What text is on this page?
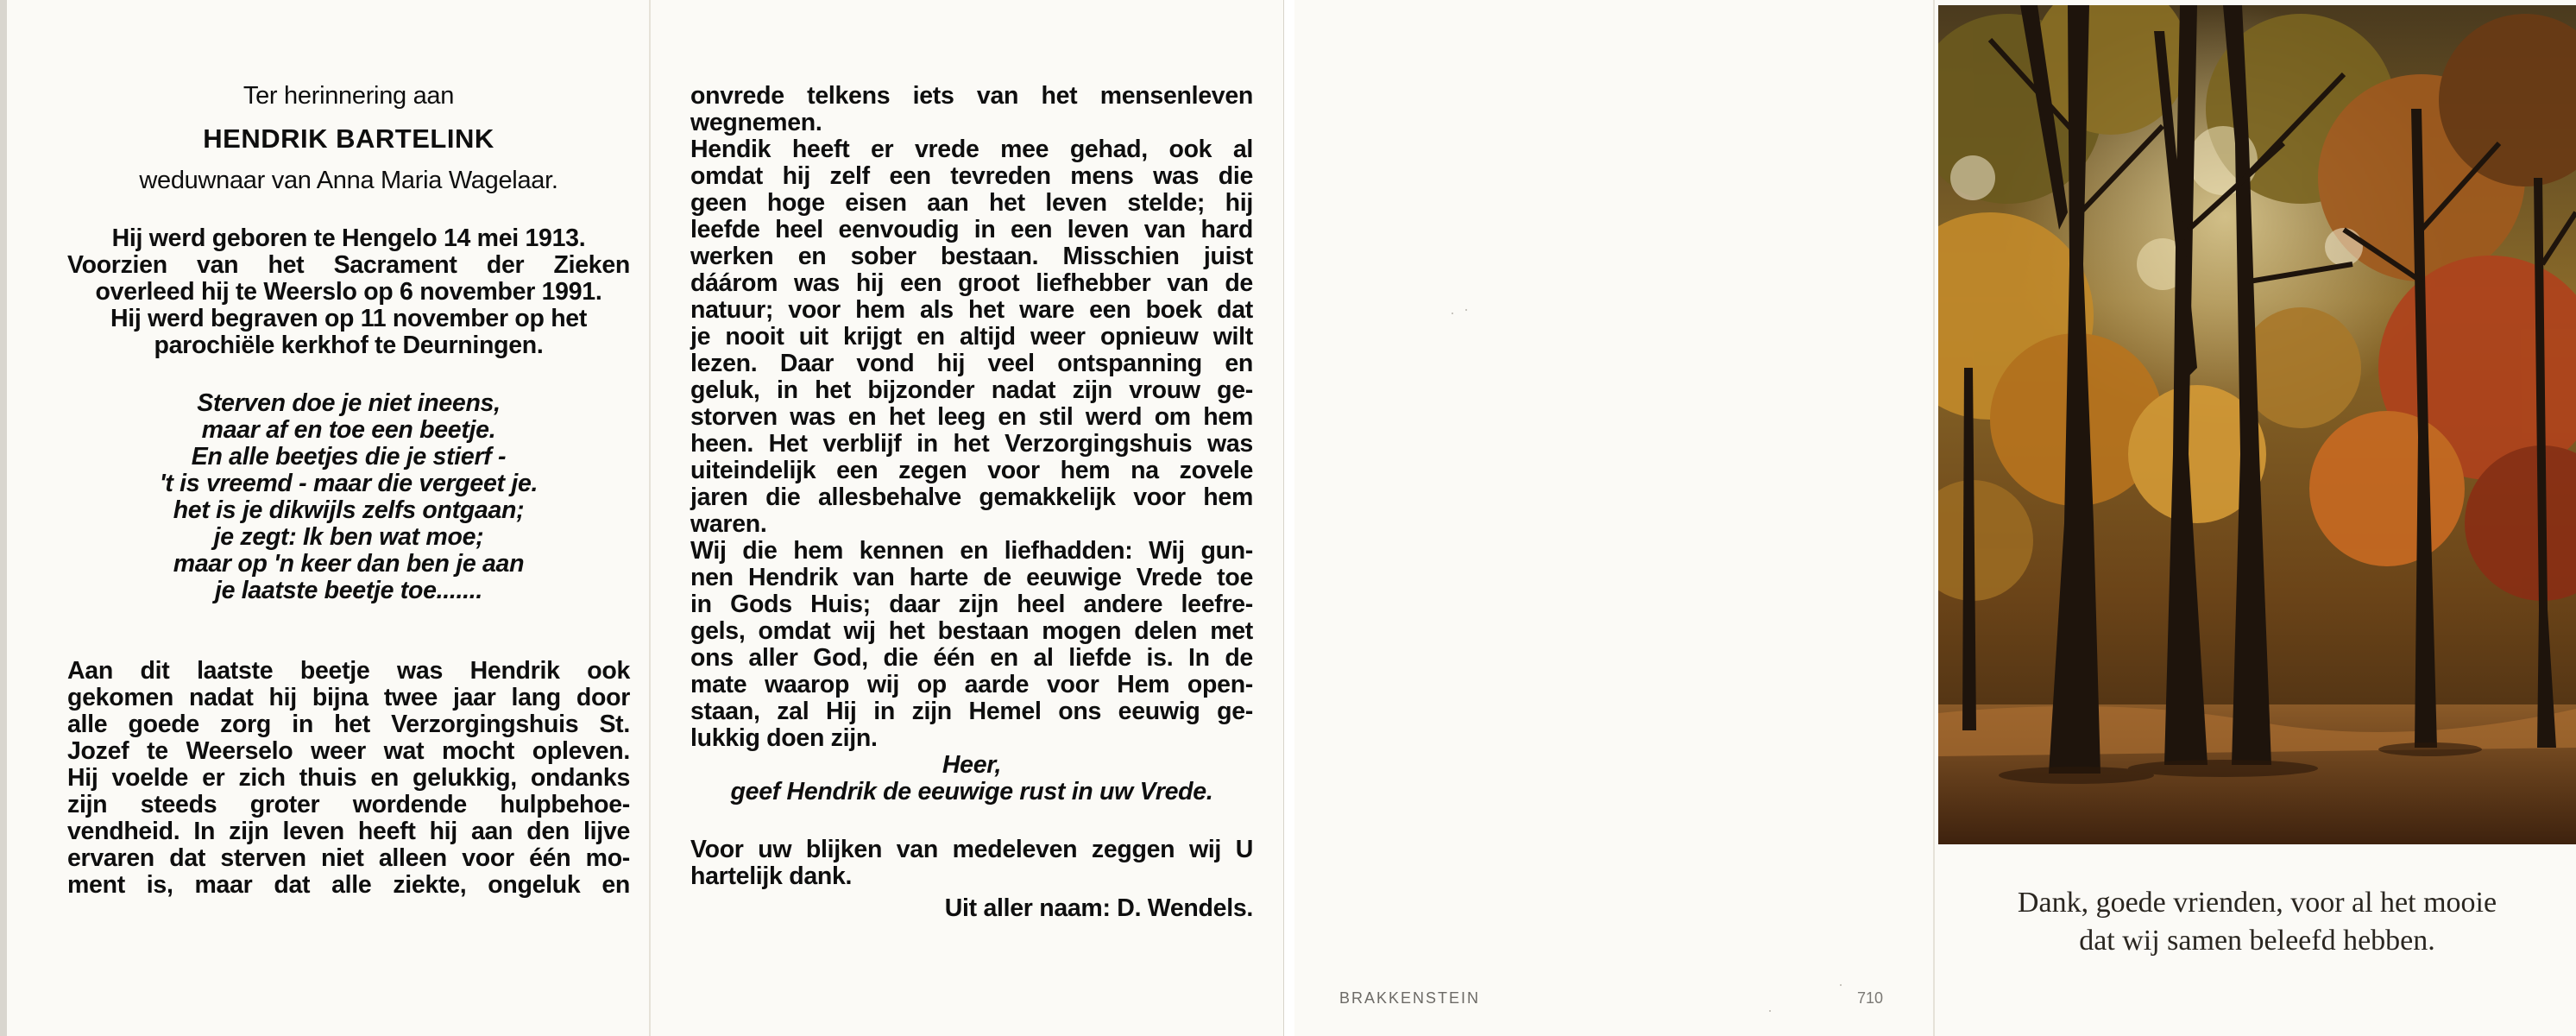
Ter herinnering aan
HENDRIK BARTELINK
weduwnaar van Anna Maria Wagelaar.
Hij werd geboren te Hengelo 14 mei 1913.
Voorzien van het Sacrament der Zieken
overleed hij te Weerslo op 6 november 1991.
Hij werd begraven op 11 november op het
parochiële kerkhof te Deurningen.
Sterven doe je niet ineens,
maar af en toe een beetje.
En alle beetjes die je stierf -
't is vreemd - maar die vergeet je.
het is je dikwijls zelfs ontgaan;
je zegt: Ik ben wat moe;
maar op 'n keer dan ben je aan
je laatste beetje toe.......
Aan dit laatste beetje was Hendrik ook
gekomen nadat hij bijna twee jaar lang door
alle goede zorg in het Verzorgingshuis St.
Jozef te Weerselo weer wat mocht opleven.
Hij voelde er zich thuis en gelukkig, ondanks
zijn steeds groter wordende hulpbehoe-
vendheid. In zijn leven heeft hij aan den lijve
ervaren dat sterven niet alleen voor één mo-
ment is, maar dat alle ziekte, ongeluk en
onvrede telkens iets van het mensenleven
wegnemen.
Hendik heeft er vrede mee gehad, ook al
omdat hij zelf een tevreden mens was die
geen hoge eisen aan het leven stelde; hij
leefde heel eenvoudig in een leven van hard
werken en sober bestaan. Misschien juist
dáárom was hij een groot liefhebber van de
natuur; voor hem als het ware een boek dat
je nooit uit krijgt en altijd weer opnieuw wilt
lezen. Daar vond hij veel ontspanning en
geluk, in het bijzonder nadat zijn vrouw ge-
storven was en het leeg en stil werd om hem
heen. Het verblijf in het Verzorgingshuis was
uiteindelijk een zegen voor hem na zovele
jaren die allesbehalve gemakkelijk voor hem
waren.
Wij die hem kennen en liefhadden: Wij gun-
nen Hendrik van harte de eeuwige Vrede toe
in Gods Huis; daar zijn heel andere leefre-
gels, omdat wij het bestaan mogen delen met
ons aller God, die één en al liefde is. In de
mate waarop wij op aarde voor Hem open-
staan, zal Hij in zijn Hemel ons eeuwig ge-
lukkig doen zijn.
Heer,
geef Hendrik de eeuwige rust in uw Vrede.
Voor uw blijken van medeleven zeggen wij U
hartelijk dank.
Uit aller naam: D. Wendels.
BRAKKENSTEIN	710
Dank, goede vrienden, voor al het mooie
dat wij samen beleefd hebben.
